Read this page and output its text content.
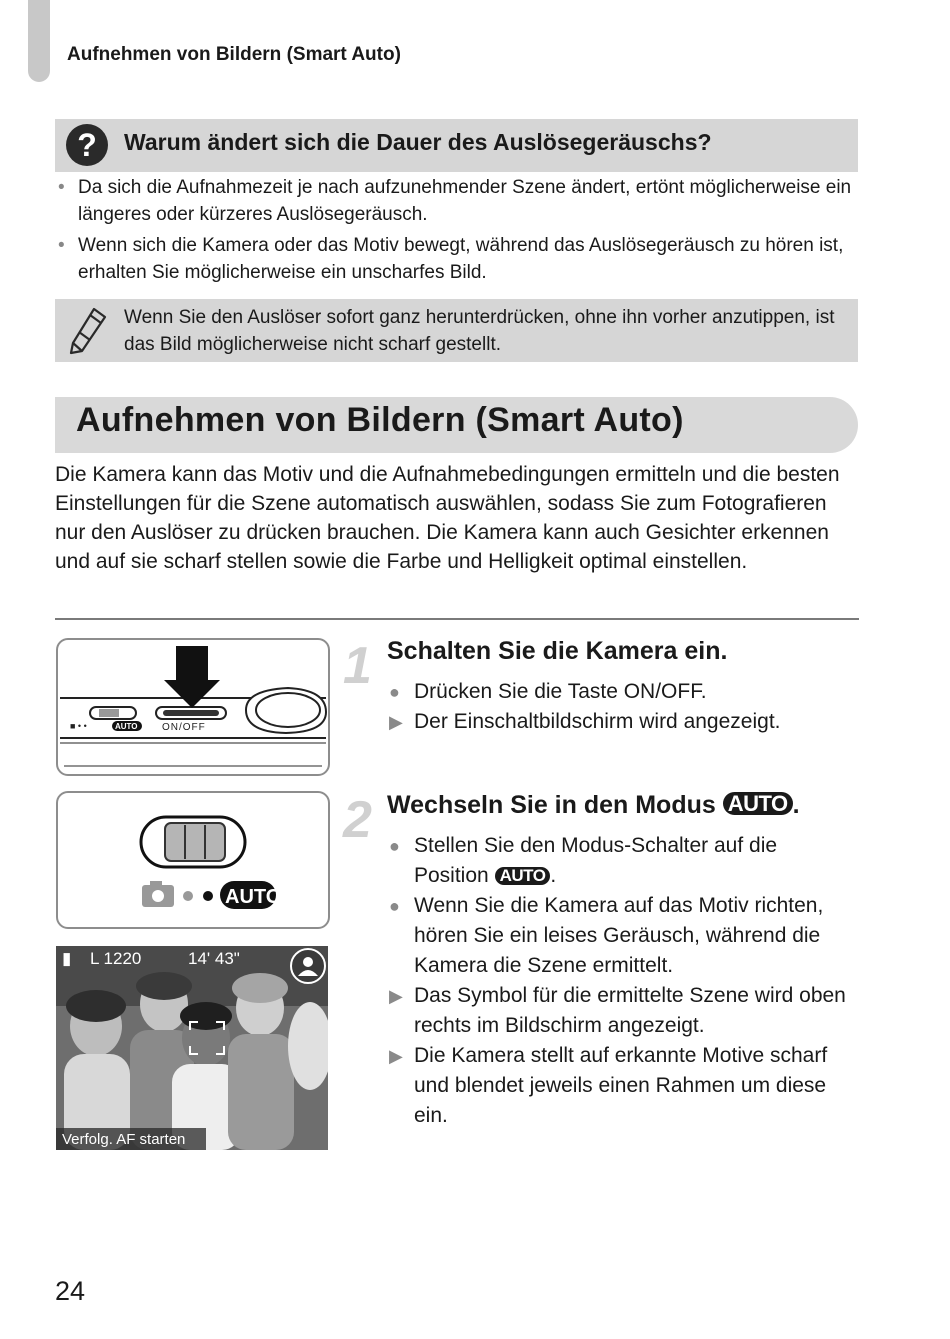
Aufnehmen von Bildern (Smart Auto)
?	Warum ändert sich die Dauer des Auslösegeräuschs?
• Da sich die Aufnahmezeit je nach aufzunehmender Szene ändert, ertönt möglicherweise ein längeres oder kürzeres Auslösegeräusch.
• Wenn sich die Kamera oder das Motiv bewegt, während das Auslösegeräusch zu hören ist, erhalten Sie möglicherweise ein unscharfes Bild.
Wenn Sie den Auslöser sofort ganz herunterdrücken, ohne ihn vorher anzutippen, ist das Bild möglicherweise nicht scharf gestellt.
Aufnehmen von Bildern (Smart Auto)
Die Kamera kann das Motiv und die Aufnahmebedingungen ermitteln und die besten Einstellungen für die Szene automatisch auswählen, sodass Sie zum Fotografieren nur den Auslöser zu drücken brauchen. Die Kamera kann auch Gesichter erkennen und auf sie scharf stellen sowie die Farbe und Helligkeit optimal einstellen.
■ • •	AUTO ON/OFF
AUTO
▮ L 1220	14' 43"
Verfolg. AF starten
1 Schalten Sie die Kamera ein.
● Drücken Sie die Taste ON/OFF.
▶ Der Einschaltbildschirm wird angezeigt.
2 Wechseln Sie in den Modus AUTO .
● Stellen Sie den Modus-Schalter auf die Position AUTO .
● Wenn Sie die Kamera auf das Motiv richten, hören Sie ein leises Geräusch, während die Kamera die Szene ermittelt.
▶ Das Symbol für die ermittelte Szene wird oben rechts im Bildschirm angezeigt.
▶ Die Kamera stellt auf erkannte Motive scharf und blendet jeweils einen Rahmen um diese ein.
24
